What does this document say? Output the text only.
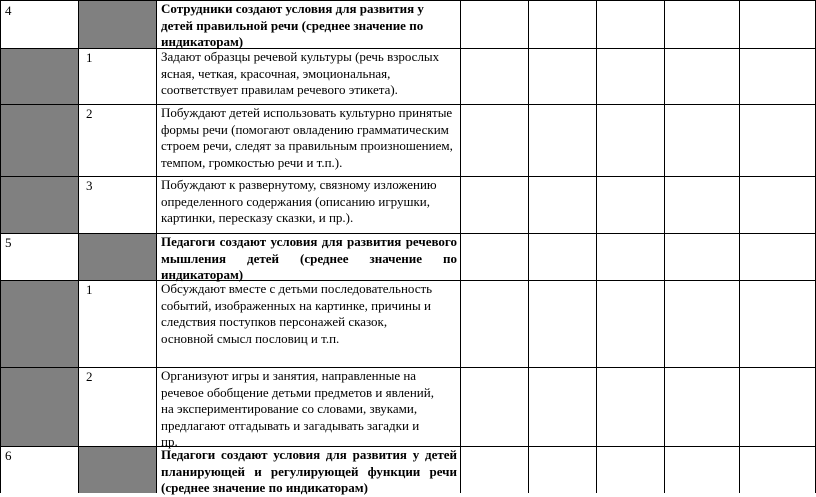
4	Сотрудники создают условия для развития у детей правильной речи (среднее значение по индикаторам)
1	Задают образцы речевой культуры (речь взрослых ясная, четкая, красочная, эмоциональная, соответствует правилам речевого этикета).
2	Побуждают детей использовать культурно принятые формы речи (помогают овладению грамматическим строем речи, следят за правильным произношением, темпом, громкостью речи и т.п.).
3	Побуждают к развернутому, связному изложению определенного содержания (описанию игрушки, картинки, пересказу сказки, и пр.).
5	Педагоги создают условия для развития речевого мышления детей (среднее значение по индикаторам)
1	Обсуждают вместе с детьми последовательность событий, изображенных на картинке, причины и следствия поступков персонажей сказок, основной смысл пословиц и т.п.
2	Организуют игры и занятия, направленные на речевое обобщение детьми предметов и явлений, на экспериментирование со словами, звуками, предлагают отгадывать и загадывать загадки и пр.
6	Педагоги создают условия для развития у детей планирующей и регулирующей функции речи (среднее значение по индикаторам)
